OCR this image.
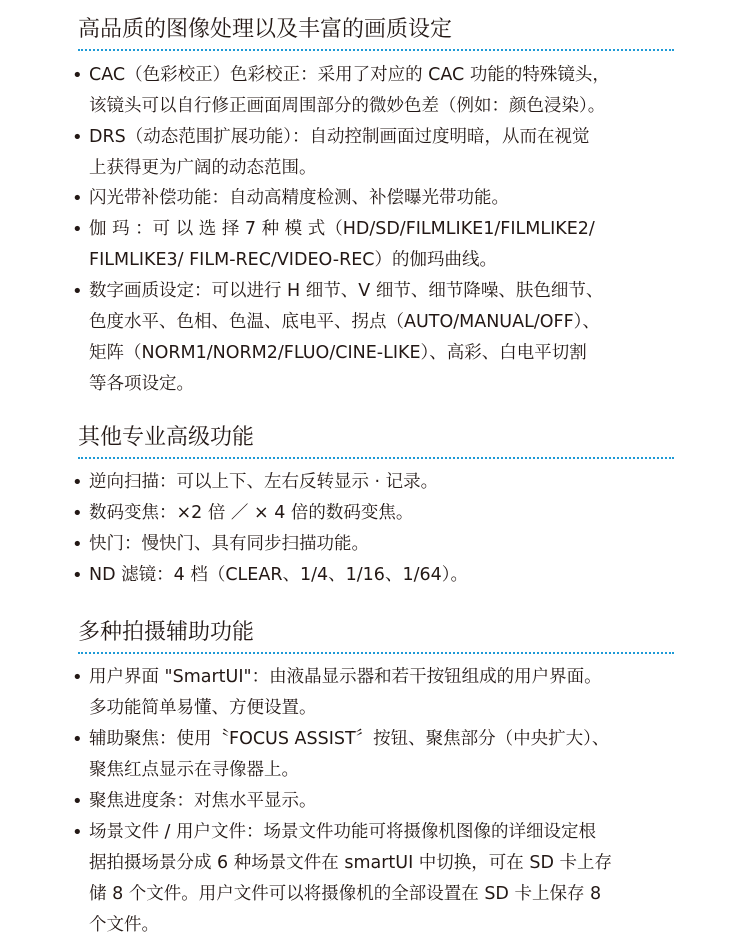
高品质的图像处理以及丰富的画质设定
• CAC（色彩校正）色彩校正：采用了对应的 CAC 功能的特殊镜头，
该镜头可以自行修正画面周围部分的微妙色差（例如：颜色浸染）。

• DRS（动态范围扩展功能）：自动控制画面过度明暗，从而在视觉
上获得更为广阔的动态范围。

• 闪光带补偿功能：自动高精度检测、补偿曝光带功能。

• 伽 玛 ：可 以 选 择 7 种 模 式（HD/SD/FILMLIKE1/FILMLIKE2/
FILMLIKE3/ FILM-REC/VIDEO-REC）的伽玛曲线。

• 数字画质设定：可以进行 H 细节、V 细节、细节降噪、肤色细节、
色度水平、色相、色温、底电平、拐点（AUTO/MANUAL/OFF）、
矩阵（NORM1/NORM2/FLUO/CINE-LIKE）、高彩、白电平切割
等各项设定。

其他专业高级功能
• 逆向扫描：可以上下、左右反转显示 · 记录。

• 数码变焦：×2 倍 ／ × 4 倍的数码变焦。

• 快门：慢快门、具有同步扫描功能。

• ND 滤镜：4 档（CLEAR、1/4、1/16、1/64）。

多种拍摄辅助功能
• 用户界面 "SmartUI"：由液晶显示器和若干按钮组成的用户界面。
多功能简单易懂、方便设置。

• 辅助聚焦：使用〝FOCUS ASSIST〞按钮、聚焦部分（中央扩大）、
聚焦红点显示在寻像器上。

• 聚焦进度条：对焦水平显示。

• 场景文件 / 用户文件：场景文件功能可将摄像机图像的详细设定根
据拍摄场景分成 6 种场景文件在 smartUI 中切换，可在 SD 卡上存
储 8 个文件。用户文件可以将摄像机的全部设置在 SD 卡上保存 8
个文件。
